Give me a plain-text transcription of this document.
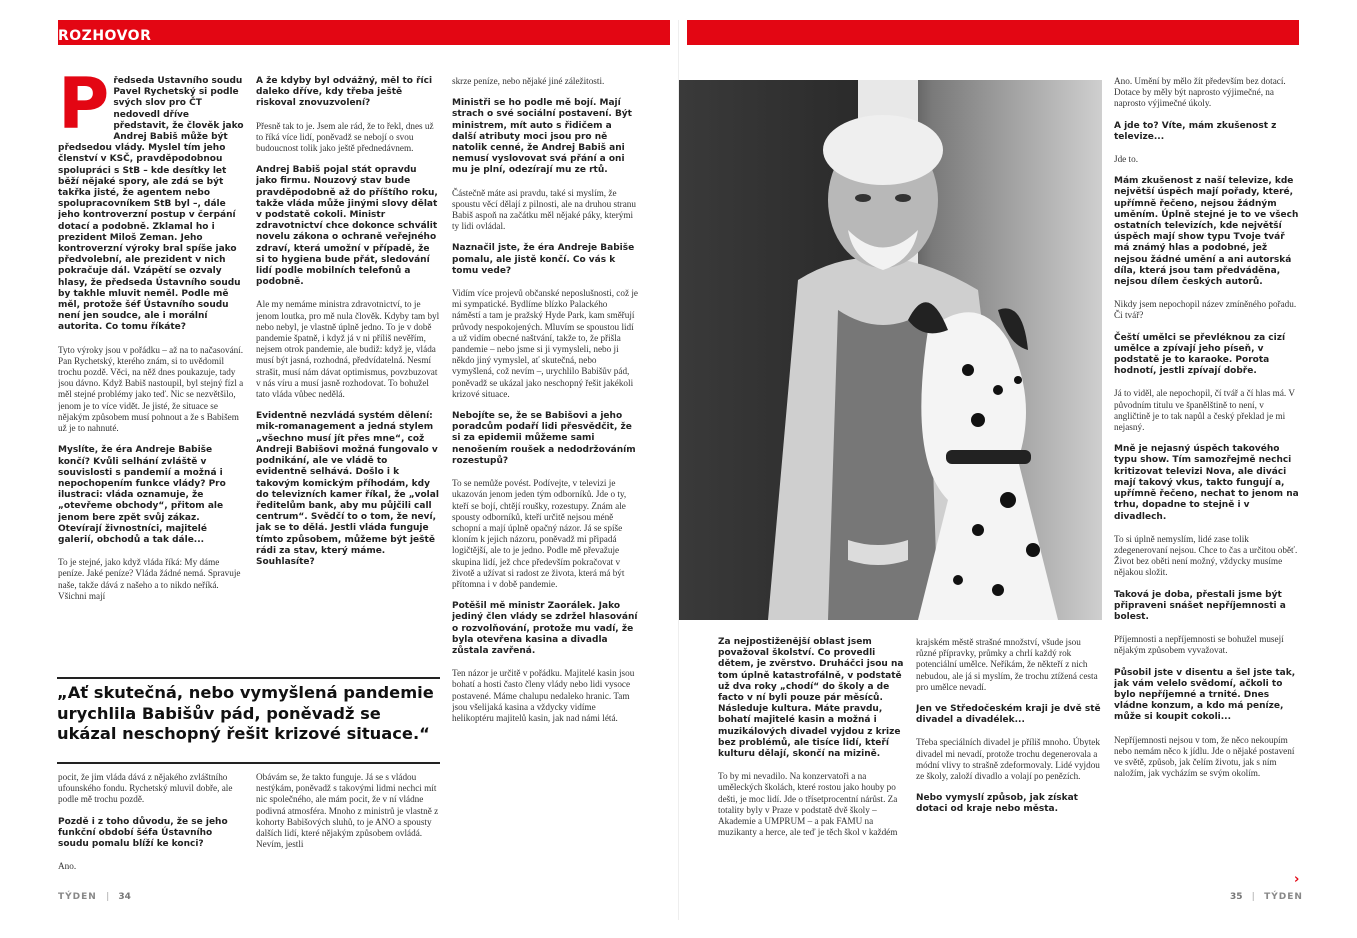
ROZHOVOR
P ředseda Ústavního soudu Pavel Rychetský si podle svých slov pro ČT nedovedl dříve představit, že člověk jako Andrej Babiš může být předsedou vlády. Myslel tím jeho členství v KSČ, pravděpodobnou spolupráci s StB – kde desítky let běží nějaké spory, ale zdá se být takřka jisté, že agentem nebo spolupracovníkem StB byl –, dále jeho kontroverzní postup v čerpání dotací a podobně. Zklamal ho i prezident Miloš Zeman. Jeho kontroverzní výroky bral spíše jako předvolební, ale prezident v nich pokračuje dál. Vzápětí se ozvaly hlasy, že předseda Ústavního soudu by takhle mluvit neměl. Podle mě měl, protože šéf Ústavního soudu není jen soudce, ale i morální autorita. Co tomu říkáte?

Tyto výroky jsou v pořádku – až na to načasování. Pan Rychetský, kterého znám, si to uvědomil trochu pozdě. Věci, na něž dnes poukazuje, tady jsou dávno. Když Babiš nastoupil, byl stejný fízl a měl stejné problémy jako teď. Nic se nezvětšilo, jenom je to více vidět. Je jisté, že situace se nějakým způsobem musí pohnout a že s Babišem už je to nahnuté.

Myslíte, že éra Andreje Babiše končí? Kvůli selhání zvláště v souvislosti s pandemií a možná i nepochopením funkce vlády? Pro ilustraci: vláda oznamuje, že „otevřeme obchody“, přitom ale jenom bere zpět svůj zákaz. Otevírají živnostníci, majitelé galerií, obchodů a tak dále...

To je stejné, jako když vláda říká: My dáme peníze. Jaké peníze? Vláda žádné nemá. Spravuje naše, takže dává z našeho a to nikdo neříká. Všichni mají

A že kdyby byl odvážný, měl to říci daleko dříve, kdy třeba ještě riskoval znovuzvolení?

Přesně tak to je. Jsem ale rád, že to řekl, dnes už to říká více lidí, poněvadž se nebojí o svou budoucnost tolik jako ještě přednedávnem.

Andrej Babiš pojal stát opravdu jako firmu. Nouzový stav bude pravděpodobně až do příštího roku, takže vláda může jinými slovy dělat v podstatě cokoli. Ministr zdravotnictví chce dokonce schválit novelu zákona o ochraně veřejného zdraví, která umožní v případě, že si to hygiena bude přát, sledování lidí podle mobilních telefonů a podobně.

Ale my nemáme ministra zdravotnictví, to je jenom loutka, pro mě nula člověk. Kdyby tam byl nebo nebyl, je vlastně úplně jedno. To je v době pandemie špatně, i když já v ni příliš nevěřím, nejsem otrok pandemie, ale budiž: když je, vláda musí být jasná, rozhodná, předvídatelná. Nesmí strašit, musí nám dávat optimismus, povzbuzovat v nás víru a musí jasně rozhodovat. To bohužel tato vláda vůbec nedělá.

Evidentně nezvládá systém dělení: mik-romanagement a jedná stylem „všechno musí jít přes mne“, což Andreji Babišovi možná fungovalo v podnikání, ale ve vládě to evidentně selhává. Došlo i k takovým komickým příhodám, kdy do televizních kamer říkal, že „volal ředitelům bank, aby mu půjčili call centrum“. Svědčí to o tom, že neví, jak se to dělá. Jestli vláda funguje tímto způsobem, můžeme být ještě rádi za stav, který máme. Souhlasíte?

skrze peníze, nebo nějaké jiné záležitosti.

Ministři se ho podle mě bojí. Mají strach o své sociální postavení. Být ministrem, mít auto s řidičem a další atributy moci jsou pro ně natolik cenné, že Andrej Babiš ani nemusí vyslovovat svá přání a oni mu je plní, odezírají mu ze rtů.

Částečně máte asi pravdu, také si myslím, že spoustu věcí dělají z pilnosti, ale na druhou stranu Babiš aspoň na začátku měl nějaké páky, kterými ty lidi ovládal.

Naznačil jste, že éra Andreje Babiše pomalu, ale jistě končí. Co vás k tomu vede?

Vidím více projevů občanské neposlušnosti, což je mi sympatické. Bydlíme blízko Palackého náměstí a tam je pražský Hyde Park, kam směřují průvody nespokojených. Mluvím se spoustou lidí a už vidím obecné naštvání, takže to, že přišla pandemie – nebo jsme si ji vymysleli, nebo ji někdo jiný vymyslel, ať skutečná, nebo vymyšlená, což nevím –, urychlilo Babišův pád, poněvadž se ukázal jako neschopný řešit jakékoli krizové situace.

Nebojíte se, že se Babišovi a jeho poradcům podaří lidi přesvědčit, že si za epidemii můžeme sami nenošením roušek a nedodržováním rozestupů?

To se nemůže povést. Podívejte, v televizi je ukazován jenom jeden tým odborníků. Jde o ty, kteří se bojí, chtějí roušky, rozestupy. Znám ale spousty odborníků, kteří určitě nejsou méně schopní a mají úplně opačný názor. Já se spíše kloním k jejich názoru, poněvadž mi připadá logičtější, ale to je jedno. Podle mě převažuje skupina lidí, jež chce především pokračovat v životě a užívat si radost ze života, která má být přítomna i v době pandemie.

Potěšil mě ministr Zaorálek. Jako jediný člen vlády se zdržel hlasování o rozvolňování, protože mu vadí, že byla otevřena kasina a divadla zůstala zavřená.

Ten názor je určitě v pořádku. Majitelé kasin jsou bohatí a hosti často členy vlády nebo lidi vysoce postavené. Máme chalupu nedaleko hranic. Tam jsou všelijaká kasina a vždycky vidíme helikoptéru majitelů kasin, jak nad námi létá.

„Ať skutečná, nebo vymyšlená pandemie urychlila Babišův pád, poněvadž se ukázal neschopný řešit krizové situace.“

pocit, že jim vláda dává z nějakého zvláštního ufounského fondu. Rychetský mluvil dobře, ale podle mě trochu pozdě.

Pozdě i z toho důvodu, že se jeho funkční období šéfa Ústavního soudu pomalu blíží ke konci?

Ano.

Obávám se, že takto funguje. Já se s vládou nestýkám, poněvadž s takovými lidmi nechci mít nic společného, ale mám pocit, že v ní vládne podivná atmosféra. Mnoho z ministrů je vlastně z kohorty Babišových sluhů, to je ANO a spousty dalších lidí, které nějakým způsobem ovládá. Nevím, jestli

Ano. Umění by mělo žít především bez dotací. Dotace by měly být naprosto výjimečné, na naprosto výjimečné úkoly.

A jde to? Víte, mám zkušenost z televize...

Jde to.

Mám zkušenost z naší televize, kde největší úspěch mají pořady, které, upřímně řečeno, nejsou žádným uměním. Úplně stejné je to ve všech ostatních televizích, kde největší úspěch mají show typu Tvoje tvář má známý hlas a podobné, jež nejsou žádné umění a ani autorská díla, která jsou tam předváděna, nejsou dílem českých autorů.

Nikdy jsem nepochopil název zmíněného pořadu. Či tvář?

Čeští umělci se převléknou za cizí umělce a zpívají jeho píseň, v podstatě je to karaoke. Porota hodnotí, jestli zpívají dobře.

Já to viděl, ale nepochopil, čí tvář a čí hlas má. V původním titulu ve španělštině to není, v angličtině je to tak napůl a český překlad je mi nejasný.

Mně je nejasný úspěch takového typu show. Tím samozřejmě nechci kritizovat televizi Nova, ale diváci mají takový vkus, takto fungují a, upřímně řečeno, nechat to jenom na trhu, dopadne to stejně i v divadlech.

To si úplně nemyslím, lidé zase tolik zdegenerovaní nejsou. Chce to čas a určitou oběť. Život bez oběti není možný, vždycky musíme nějakou složit.

Taková je doba, přestali jsme být připraveni snášet nepříjemnosti a bolest.

Příjemnosti a nepříjemnosti se bohužel musejí nějakým způsobem vyvažovat.

Působil jste v disentu a šel jste tak, jak vám velelo svědomí, ačkoli to bylo nepříjemné a trnité. Dnes vládne konzum, a kdo má peníze, může si koupit cokoli...

Nepříjemnosti nejsou v tom, že něco nekoupím nebo nemám něco k jídlu. Jde o nějaké postavení ve světě, způsob, jak čelím životu, jak s ním naložím, jak vycházím se svým okolím.

Za nejpostiženější oblast jsem považoval školství. Co provedli dětem, je zvěrstvo. Druháčci jsou na tom úplně katastrofálně, v podstatě už dva roky „chodí“ do školy a de facto v ní byli pouze pár měsíců. Následuje kultura. Máte pravdu, bohatí majitelé kasin a možná i muzikálových divadel vyjdou z krize bez problémů, ale tisíce lidí, kteří kulturu dělají, skončí na mizině.

To by mi nevadilo. Na konzervatoři a na uměleckých školách, které rostou jako houby po dešti, je moc lidí. Jde o třísetprocentní nárůst. Za totality byly v Praze v podstatě dvě školy – Akademie a UMPRUM – a pak FAMU na muzikanty a herce, ale teď je těch škol v každém

krajském městě strašné množství, všude jsou různé přípravky, průmky a chrlí každý rok potenciální umělce. Neříkám, že někteří z nich nebudou, ale já si myslím, že trochu ztížená cesta pro umělce nevadí.

Jen ve Středočeském kraji je dvě stě divadel a divadélek...

Třeba speciálních divadel je příliš mnoho. Úbytek divadel mi nevadí, protože trochu degenerovala a módní vlivy to strašně zdeformovaly. Lidé vyjdou ze školy, založí divadlo a volají po penězích.

Nebo vymyslí způsob, jak získat dotaci od kraje nebo města.

›
TÝDEN | 34	35 | TÝDEN
